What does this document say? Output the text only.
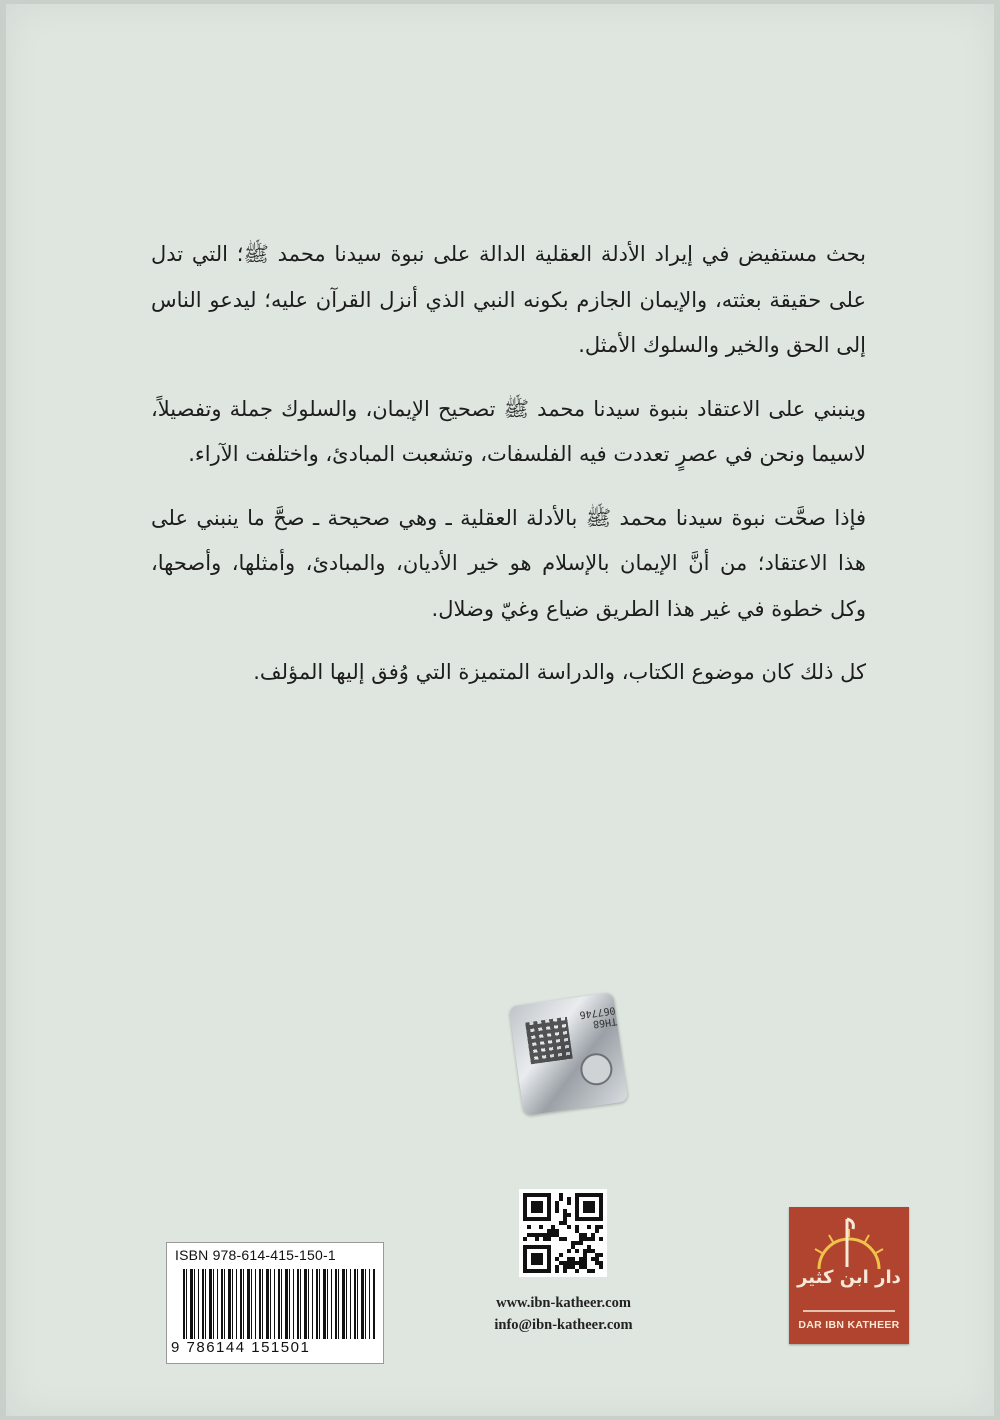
بحث مستفيض في إيراد الأدلة العقلية الدالة على نبوة سيدنا محمد ﷺ؛ التي تدل على حقيقة بعثته، والإيمان الجازم بكونه النبي الذي أنزل القرآن عليه؛ ليدعو الناس إلى الحق والخير والسلوك الأمثل.

وينبني على الاعتقاد بنبوة سيدنا محمد ﷺ تصحيح الإيمان، والسلوك جملة وتفصيلاً، لاسيما ونحن في عصرٍ تعددت فيه الفلسفات، وتشعبت المبادئ، واختلفت الآراء.

فإذا صحَّت نبوة سيدنا محمد ﷺ بالأدلة العقلية ـ وهي صحيحة ـ صحَّ ما ينبني على هذا الاعتقاد؛ من أنَّ الإيمان بالإسلام هو خير الأديان، والمبادئ، وأمثلها، وأصحها، وكل خطوة في غير هذا الطريق ضياع وغيّ وضلال.

كل ذلك كان موضوع الكتاب، والدراسة المتميزة التي وُفق إليها المؤلف.

TH68 067746
www.ibn-katheer.com
info@ibn-katheer.com
ISBN 978-614-415-150-1
9 786144 151501
دار ابن كثير
DAR IBN KATHEER
